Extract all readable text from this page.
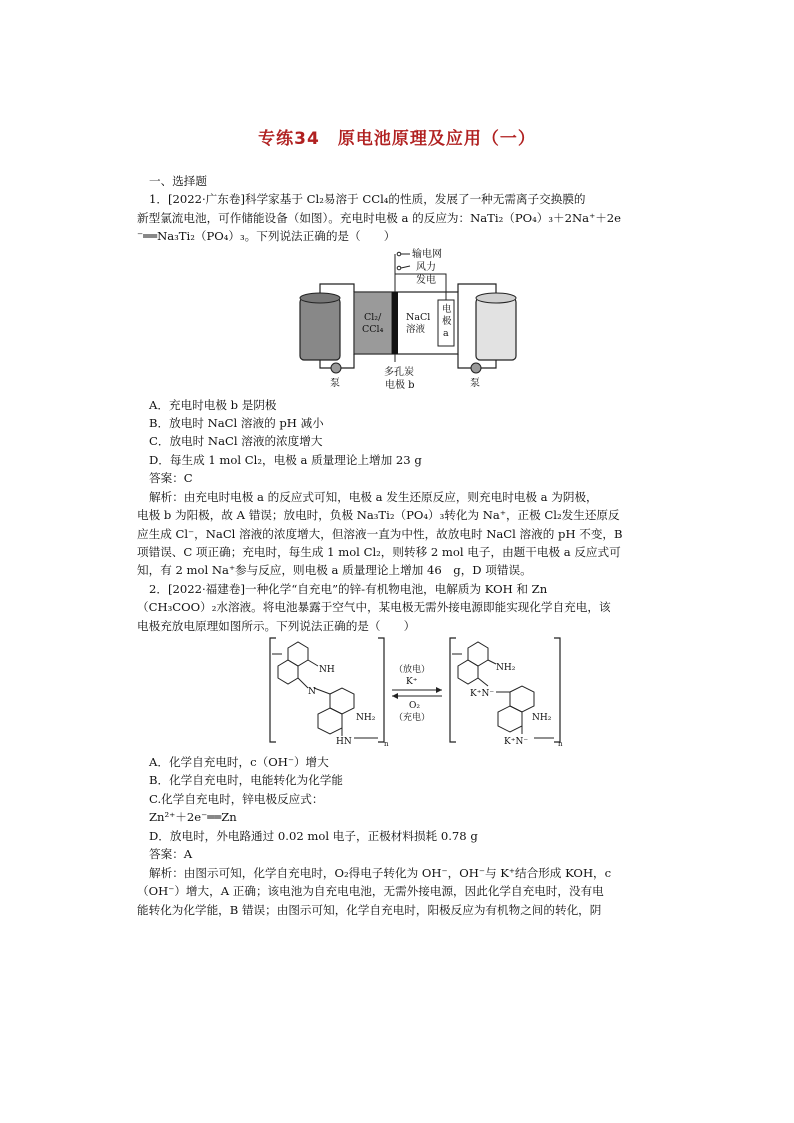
专练34　原电池原理及应用（一）
一、选择题
1．[2022·广东卷]科学家基于 Cl₂易溶于 CCl₄的性质，发展了一种无需离子交换膜的
新型氯流电池，可作储能设备（如图）。充电时电极 a 的反应为：NaTi₂（PO₄）₃＋2Na⁺＋2e
⁻══Na₃Ti₂（PO₄）₃。下列说法正确的是（　　）
输电网
风力
发电
Cl₂/
CCl₄
NaCl
溶液
电
极
a
多孔炭
电极 b
泵	泵
A．充电时电极 b 是阴极
B．放电时 NaCl 溶液的 pH 减小
C．放电时 NaCl 溶液的浓度增大
D．每生成 1 mol Cl₂，电极 a 质量理论上增加 23 g
答案：C
解析：由充电时电极 a 的反应式可知，电极 a 发生还原反应，则充电时电极 a 为阴极，
电极 b 为阳极，故 A 错误；放电时，负极 Na₃Ti₂（PO₄）₃转化为 Na⁺，正极 Cl₂发生还原反
应生成 Cl⁻，NaCl 溶液的浓度增大，但溶液一直为中性，故放电时 NaCl 溶液的 pH 不变，B
项错误、C 项正确；充电时，每生成 1 mol Cl₂，则转移 2 mol 电子，由题干电极 a 反应式可
知，有 2 mol Na⁺参与反应，则电极 a 质量理论上增加 46　g，D 项错误。
2．[2022·福建卷]一种化学“自充电”的锌-有机物电池，电解质为 KOH 和 Zn
（CH₃COO）₂水溶液。将电池暴露于空气中，某电极无需外接电源即能实现化学自充电，该
电极充放电原理如图所示。下列说法正确的是（　　）
NH
N
NH₂
HN	n
（放电）
K⁺
O₂
（充电）
NH₂
K⁺N⁻
NH₂
K⁺N⁻	n
A．化学自充电时，c（OH⁻）增大
B．化学自充电时，电能转化为化学能
C.化学自充电时，锌电极反应式：
Zn²⁺＋2e⁻══Zn
D．放电时，外电路通过 0.02 mol 电子，正极材料损耗 0.78 g
答案：A
解析：由图示可知，化学自充电时，O₂得电子转化为 OH⁻，OH⁻与 K⁺结合形成 KOH，c
（OH⁻）增大，A 正确；该电池为自充电电池，无需外接电源，因此化学自充电时，没有电
能转化为化学能，B 错误；由图示可知，化学自充电时，阳极反应为有机物之间的转化，阴
